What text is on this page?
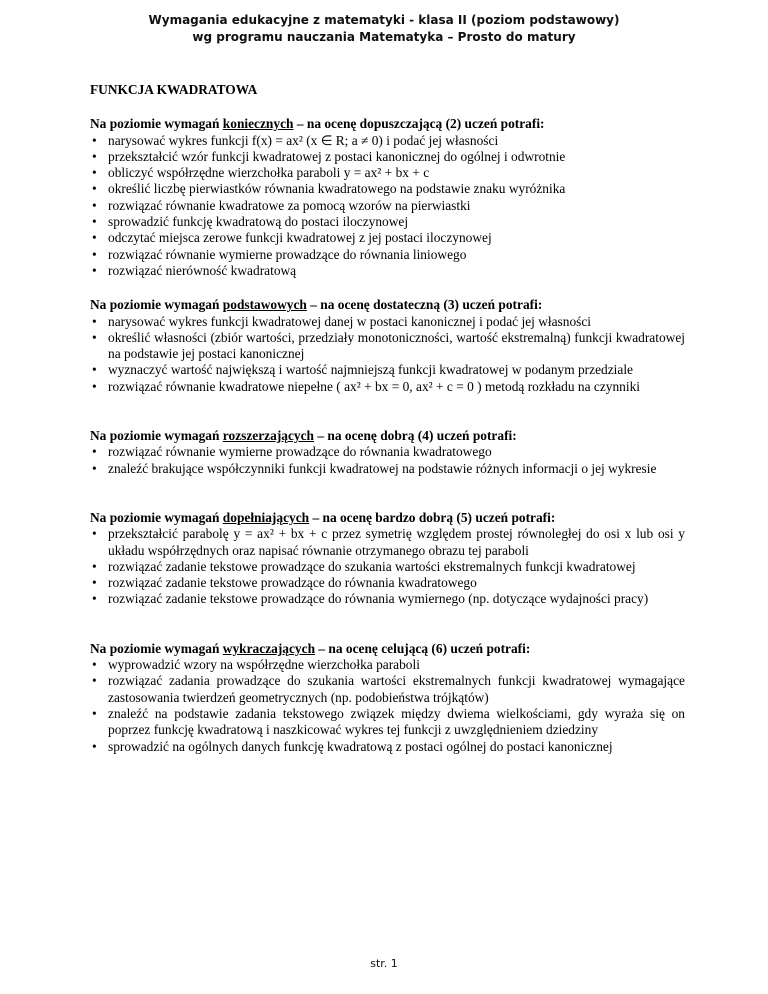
Wymagania edukacyjne z matematyki - klasa II (poziom podstawowy)
wg programu nauczania Matematyka – Prosto do matury
FUNKCJA KWADRATOWA

Na poziomie wymagań koniecznych – na ocenę dopuszczającą (2) uczeń potrafi:

• narysować wykres funkcji f(x) = ax² (x ∈ R; a ≠ 0) i podać jej własności
• przekształcić wzór funkcji kwadratowej z postaci kanonicznej do ogólnej i odwrotnie
• obliczyć współrzędne wierzchołka paraboli y = ax² + bx + c
• określić liczbę pierwiastków równania kwadratowego na podstawie znaku wyróżnika
• rozwiązać równanie kwadratowe za pomocą wzorów na pierwiastki
• sprowadzić funkcję kwadratową do postaci iloczynowej
• odczytać miejsca zerowe funkcji kwadratowej z jej postaci iloczynowej
• rozwiązać równanie wymierne prowadzące do równania liniowego
• rozwiązać nierówność kwadratową

Na poziomie wymagań podstawowych – na ocenę dostateczną (3) uczeń potrafi:

• narysować wykres funkcji kwadratowej danej w postaci kanonicznej i podać jej własności
• określić własności (zbiór wartości, przedziały monotoniczności, wartość ekstremalną) funkcji kwadratowej na podstawie jej postaci kanonicznej
• wyznaczyć wartość największą i wartość najmniejszą funkcji kwadratowej w podanym przedziale
• rozwiązać równanie kwadratowe niepełne ( ax² + bx = 0, ax² + c = 0 ) metodą rozkładu na czynniki

Na poziomie wymagań rozszerzających – na ocenę dobrą (4) uczeń potrafi:

• rozwiązać równanie wymierne prowadzące do równania kwadratowego
• znaleźć brakujące współczynniki funkcji kwadratowej na podstawie różnych informacji o jej wykresie

Na poziomie wymagań dopełniających – na ocenę bardzo dobrą (5) uczeń potrafi:

• przekształcić parabolę y = ax² + bx + c przez symetrię względem prostej równoległej do osi x lub osi y układu współrzędnych oraz napisać równanie otrzymanego obrazu tej paraboli
• rozwiązać zadanie tekstowe prowadzące do szukania wartości ekstremalnych funkcji kwadratowej
• rozwiązać zadanie tekstowe prowadzące do równania kwadratowego
• rozwiązać zadanie tekstowe prowadzące do równania wymiernego (np. dotyczące wydajności pracy)

Na poziomie wymagań wykraczających – na ocenę celującą (6) uczeń potrafi:

• wyprowadzić wzory na współrzędne wierzchołka paraboli
• rozwiązać zadania prowadzące do szukania wartości ekstremalnych funkcji kwadratowej wymagające zastosowania twierdzeń geometrycznych (np. podobieństwa trójkątów)
• znaleźć na podstawie zadania tekstowego związek między dwiema wielkościami, gdy wyraża się on poprzez funkcję kwadratową i naszkicować wykres tej funkcji z uwzględnieniem dziedziny
• sprowadzić na ogólnych danych funkcję kwadratową z postaci ogólnej do postaci kanonicznej
str. 1
